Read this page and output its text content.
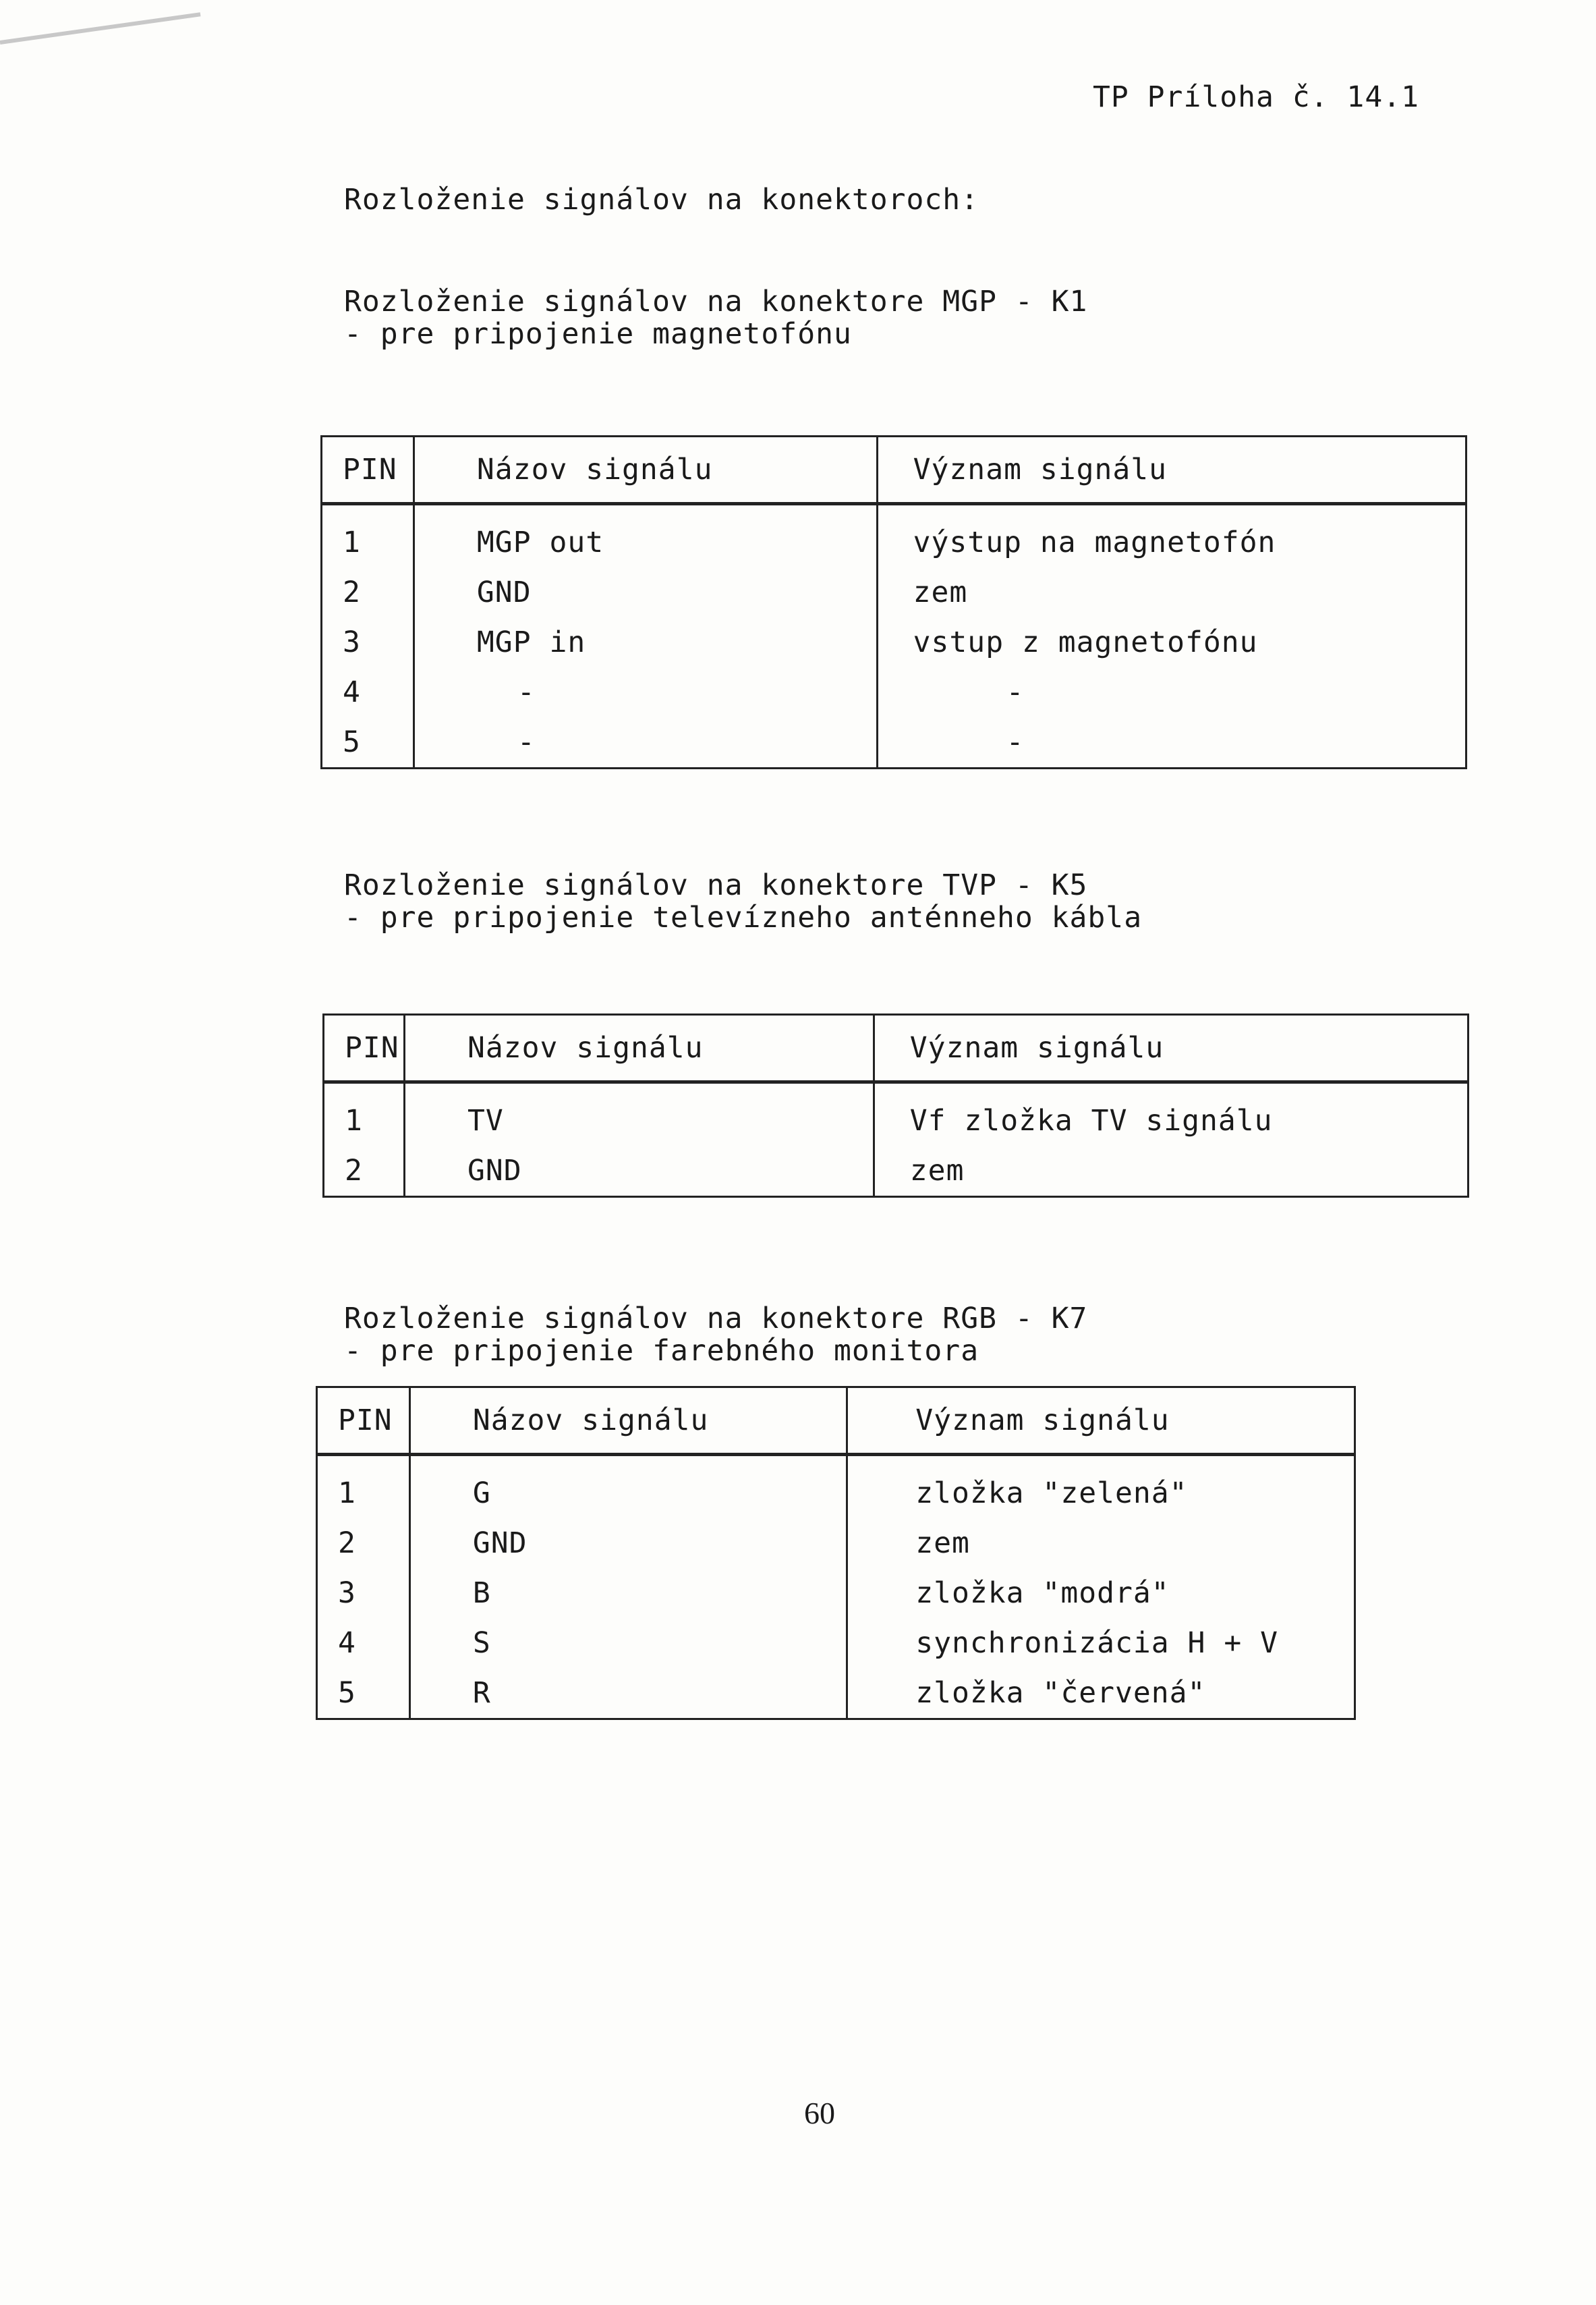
TP Príloha č. 14.1
Rozloženie signálov na konektoroch:
Rozloženie signálov na konektore MGP - K1
- pre pripojenie magnetofónu
PIN	Názov signálu	Význam signálu
1	MGP out	výstup na magnetofón
2	GND	zem
3	MGP in	vstup z magnetofónu
4	-	-
5	-	-
Rozloženie signálov na konektore TVP - K5
- pre pripojenie televízneho anténneho kábla
PIN	Názov signálu	Význam signálu
1	TV	Vf zložka TV signálu
2	GND	zem
Rozloženie signálov na konektore RGB - K7
- pre pripojenie farebného monitora
PIN	Názov signálu	Význam signálu
1	G	zložka "zelená"
2	GND	zem
3	B	zložka "modrá"
4	S	synchronizácia H + V
5	R	zložka "červená"
60
